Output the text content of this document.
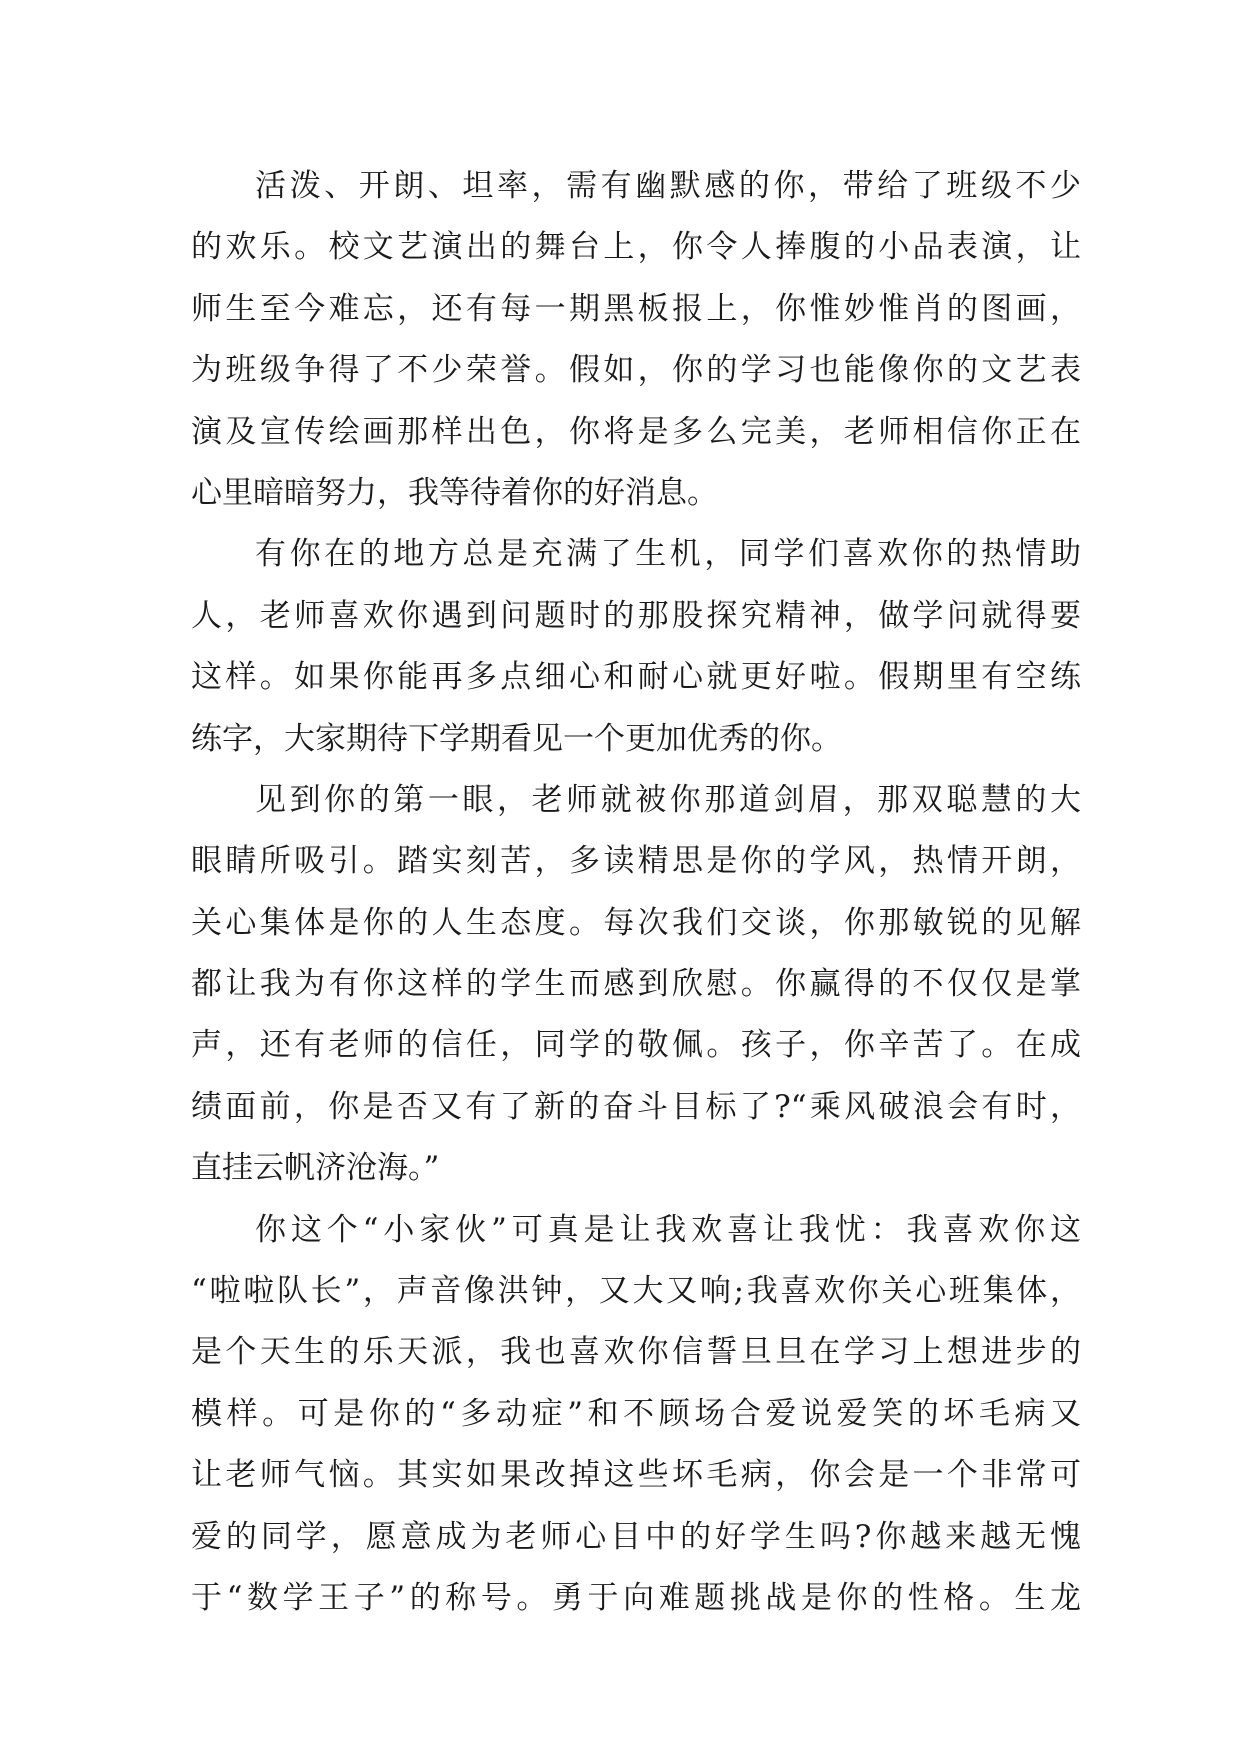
活泼、开朗、坦率，需有幽默感的你，带给了班级不少
的欢乐。校文艺演出的舞台上，你令人捧腹的小品表演，让
师生至今难忘，还有每一期黑板报上，你惟妙惟肖的图画，
为班级争得了不少荣誉。假如，你的学习也能像你的文艺表
演及宣传绘画那样出色，你将是多么完美，老师相信你正在
心里暗暗努力，我等待着你的好消息。
有你在的地方总是充满了生机，同学们喜欢你的热情助
人，老师喜欢你遇到问题时的那股探究精神，做学问就得要
这样。如果你能再多点细心和耐心就更好啦。假期里有空练
练字，大家期待下学期看见一个更加优秀的你。
见到你的第一眼，老师就被你那道剑眉，那双聪慧的大
眼睛所吸引。踏实刻苦，多读精思是你的学风，热情开朗，
关心集体是你的人生态度。每次我们交谈，你那敏锐的见解
都让我为有你这样的学生而感到欣慰。你赢得的不仅仅是掌
声，还有老师的信任，同学的敬佩。孩子，你辛苦了。在成
绩面前，你是否又有了新的奋斗目标了?“乘风破浪会有时，
直挂云帆济沧海。”
你这个“小家伙”可真是让我欢喜让我忧：我喜欢你这
“啦啦队长”，声音像洪钟，又大又响;我喜欢你关心班集体，
是个天生的乐天派，我也喜欢你信誓旦旦在学习上想进步的
模样。可是你的“多动症”和不顾场合爱说爱笑的坏毛病又
让老师气恼。其实如果改掉这些坏毛病，你会是一个非常可
爱的同学，愿意成为老师心目中的好学生吗?你越来越无愧
于“数学王子”的称号。勇于向难题挑战是你的性格。生龙
